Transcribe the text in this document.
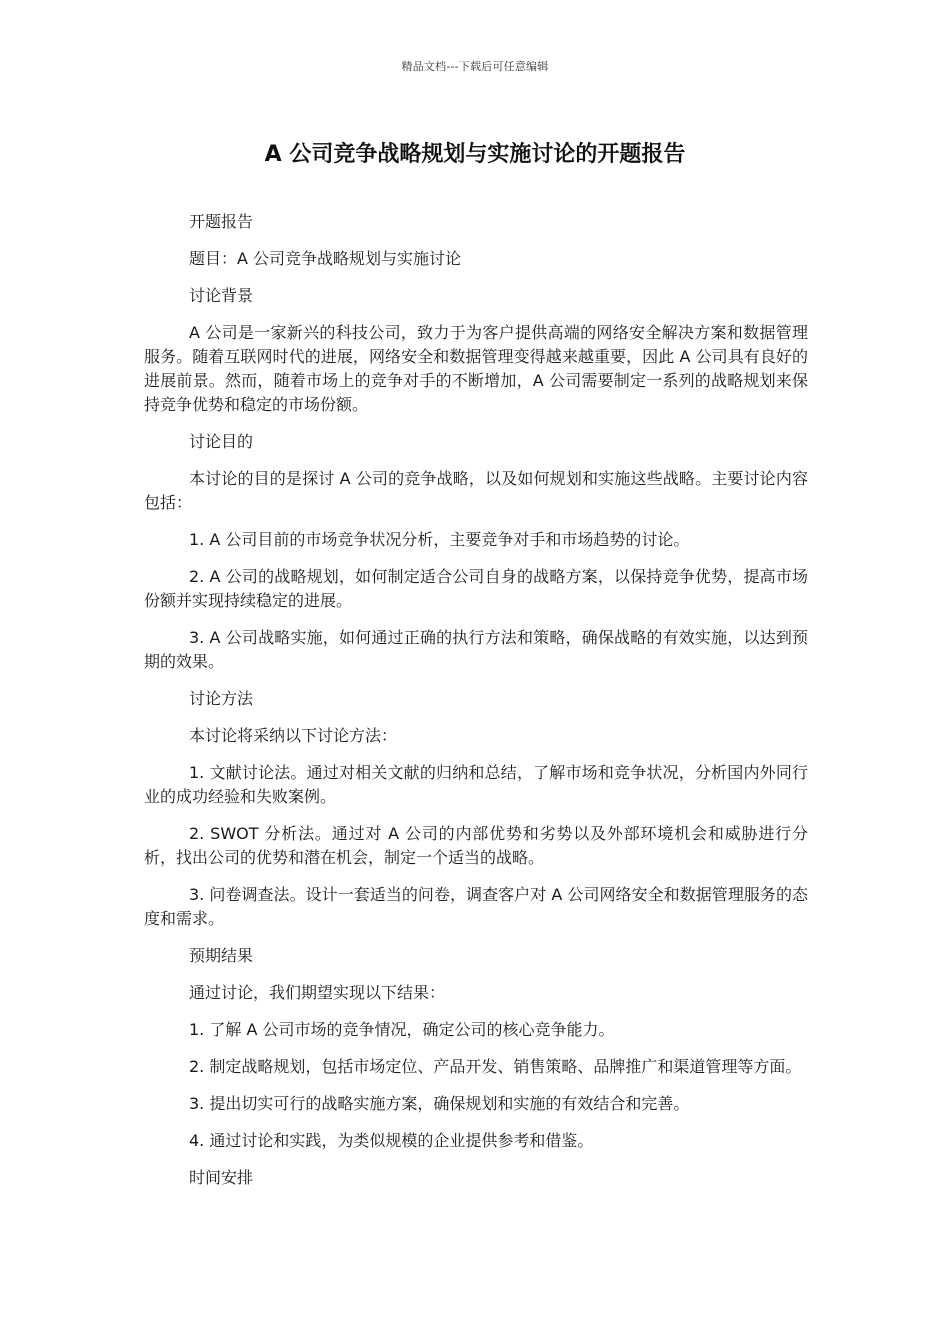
精品文档---下载后可任意编辑
A 公司竞争战略规划与实施讨论的开题报告

开题报告

题目：A 公司竞争战略规划与实施讨论

讨论背景

A 公司是一家新兴的科技公司，致力于为客户提供高端的网络安全解决方案和数据管理服务。随着互联网时代的进展，网络安全和数据管理变得越来越重要，因此 A 公司具有良好的进展前景。然而，随着市场上的竞争对手的不断增加，A 公司需要制定一系列的战略规划来保持竞争优势和稳定的市场份额。

讨论目的

本讨论的目的是探讨 A 公司的竞争战略，以及如何规划和实施这些战略。主要讨论内容包括：

1. A 公司目前的市场竞争状况分析，主要竞争对手和市场趋势的讨论。

2. A 公司的战略规划，如何制定适合公司自身的战略方案，以保持竞争优势，提高市场份额并实现持续稳定的进展。

3. A 公司战略实施，如何通过正确的执行方法和策略，确保战略的有效实施，以达到预期的效果。

讨论方法

本讨论将采纳以下讨论方法：

1. 文献讨论法。通过对相关文献的归纳和总结，了解市场和竞争状况，分析国内外同行业的成功经验和失败案例。

2. SWOT 分析法。通过对 A 公司的内部优势和劣势以及外部环境机会和威胁进行分析，找出公司的优势和潜在机会，制定一个适当的战略。

3. 问卷调查法。设计一套适当的问卷，调查客户对 A 公司网络安全和数据管理服务的态度和需求。

预期结果

通过讨论，我们期望实现以下结果：

1. 了解 A 公司市场的竞争情况，确定公司的核心竞争能力。

2. 制定战略规划，包括市场定位、产品开发、销售策略、品牌推广和渠道管理等方面。

3. 提出切实可行的战略实施方案，确保规划和实施的有效结合和完善。

4. 通过讨论和实践，为类似规模的企业提供参考和借鉴。

时间安排
